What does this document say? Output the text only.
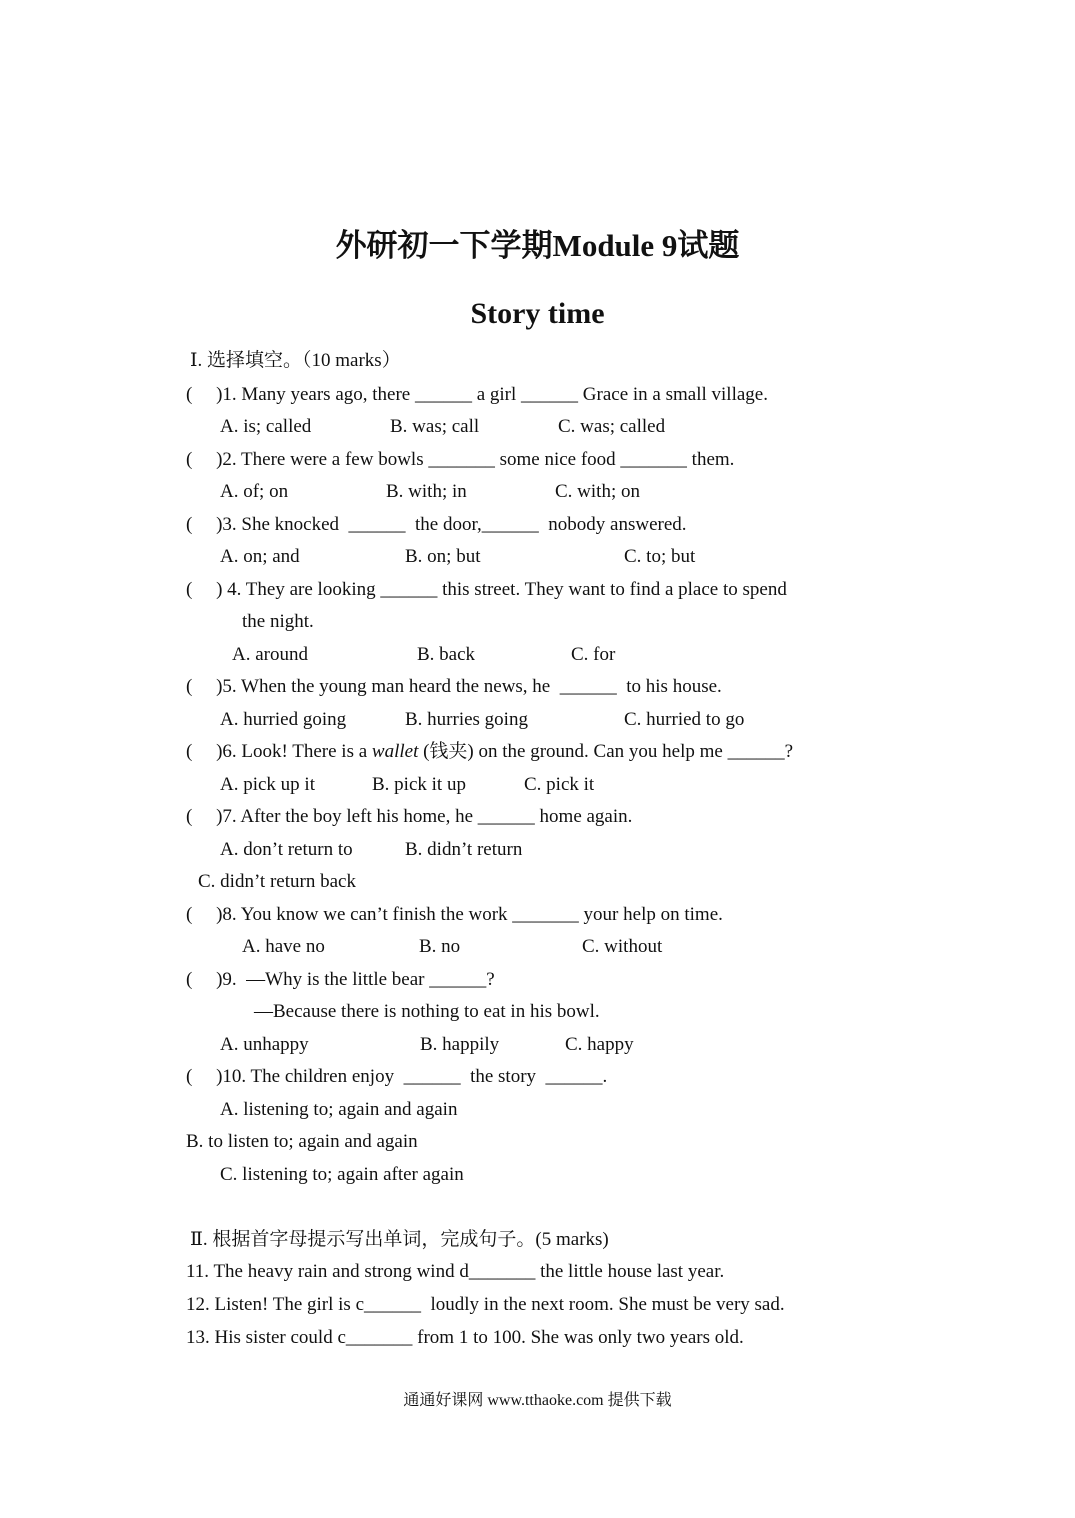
外研初一下学期Module 9试题
Story time
Ⅰ. 选择填空。（10 marks）
(     )1. Many years ago, there ______ a girl ______ Grace in a small village.
A. is; called	B. was; call	C. was; called
(     )2. There were a few bowls _______ some nice food _______ them.
A. of; on	B. with; in	C. with; on
(     )3. She knocked  ______  the door,______  nobody answered.
A. on; and	B. on; but	C. to; but
(     ) 4. They are looking ______ this street. They want to find a place to spend
the night.
A. around	B. back	C. for
(     )5. When the young man heard the news, he  ______  to his house.
A. hurried going	B. hurries going	C. hurried to go
(     )6. Look! There is a wallet (钱夹) on the ground. Can you help me ______?
A. pick up it	B. pick it up	C. pick it
(     )7. After the boy left his home, he ______ home again.
A. don’t return to	B. didn’t return
C. didn’t return back
(     )8. You know we can’t finish the work _______ your help on time.
A. have no	B. no	C. without
(     )9.  —Why is the little bear ______?
—Because there is nothing to eat in his bowl.
A. unhappy	B. happily	C. happy
(     )10. The children enjoy  ______  the story  ______.
A. listening to; again and again
B. to listen to; again and again
C. listening to; again after again
Ⅱ. 根据首字母提示写出单词，完成句子。(5 marks)
11. The heavy rain and strong wind d_______ the little house last year.
12. Listen! The girl is c______  loudly in the next room. She must be very sad.
13. His sister could c_______ from 1 to 100. She was only two years old.
通通好课网 www.tthaoke.com 提供下载
